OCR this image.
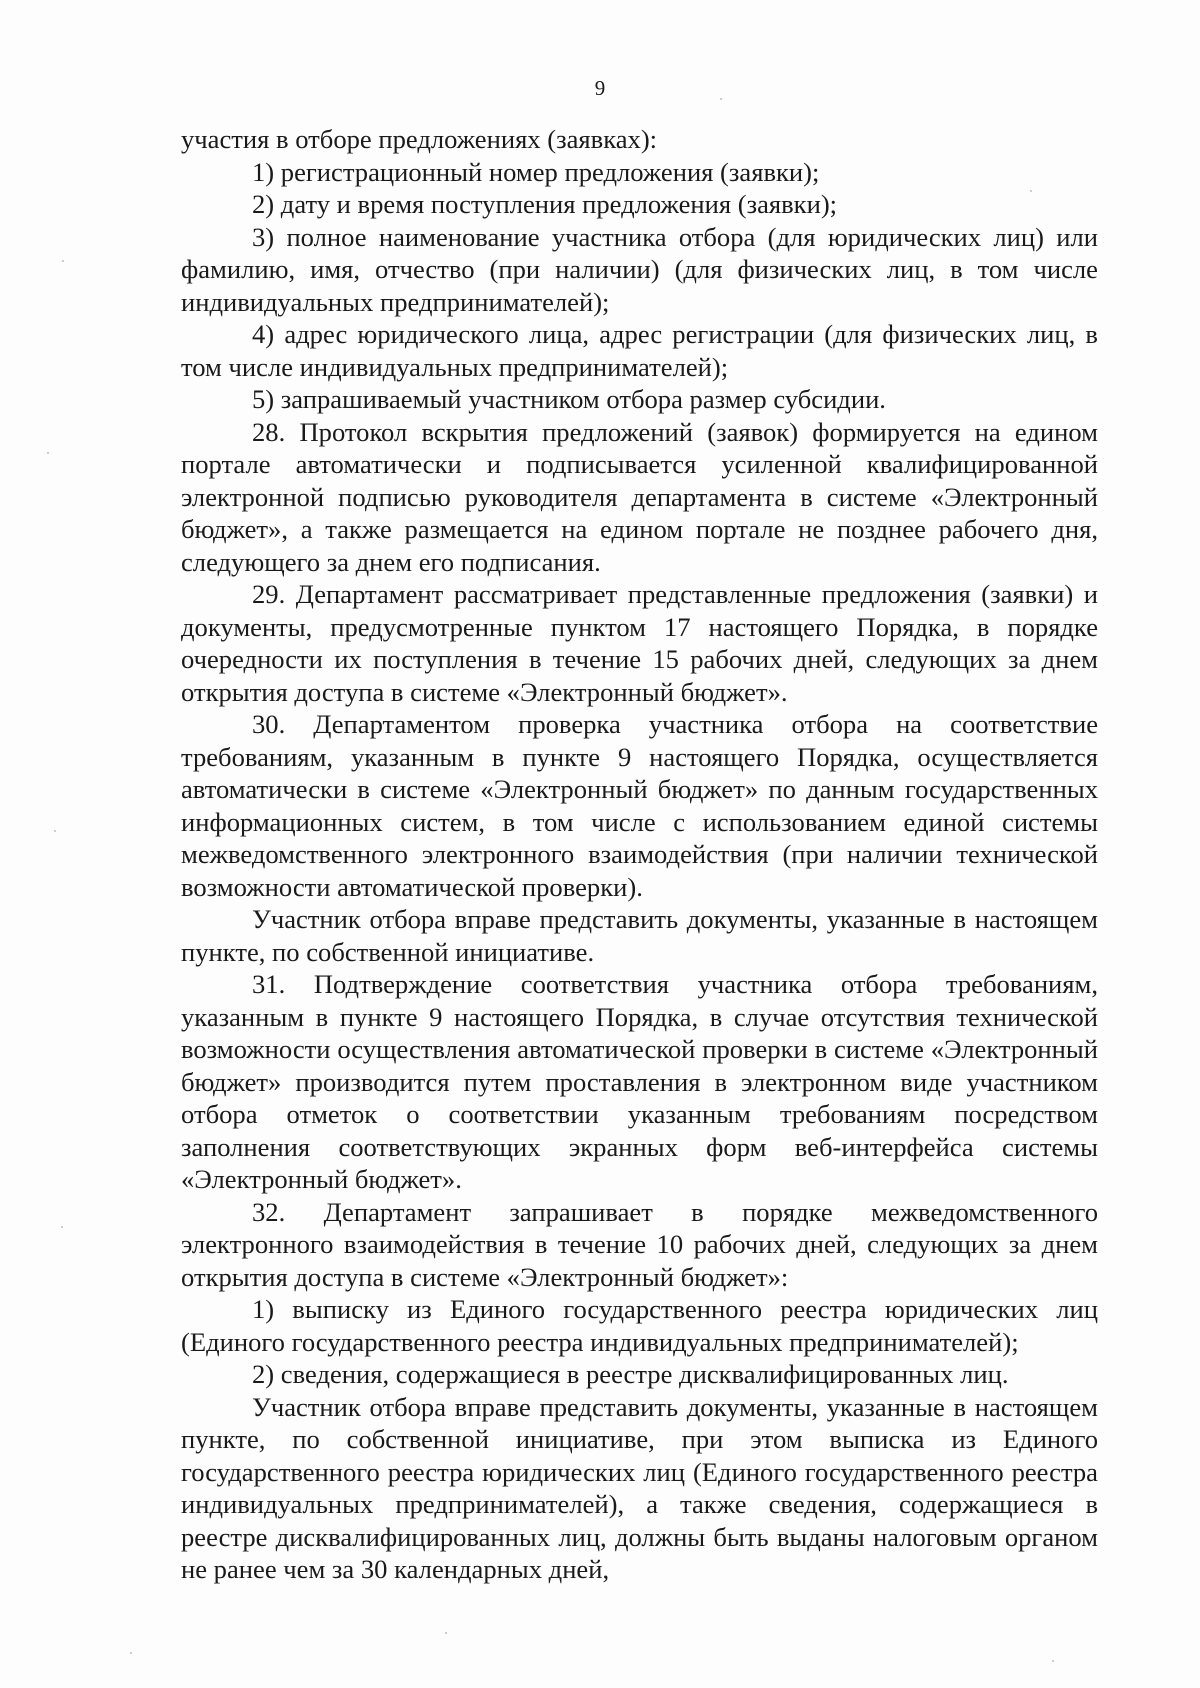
9

участия в отборе предложениях (заявках):

1) регистрационный номер предложения (заявки);

2) дату и время поступления предложения (заявки);

3) полное наименование участника отбора (для юридических лиц) или фамилию, имя, отчество (при наличии) (для физических лиц, в том числе индивидуальных предпринимателей);

4) адрес юридического лица, адрес регистрации (для физических лиц, в том числе индивидуальных предпринимателей);

5) запрашиваемый участником отбора размер субсидии.

28. Протокол вскрытия предложений (заявок) формируется на едином портале автоматически и подписывается усиленной квалифицированной электронной подписью руководителя департамента в системе «Электронный бюджет», а также размещается на едином портале не позднее рабочего дня, следующего за днем его подписания.

29. Департамент рассматривает представленные предложения (заявки) и документы, предусмотренные пунктом 17 настоящего Порядка, в порядке очередности их поступления в течение 15 рабочих дней, следующих за днем открытия доступа в системе «Электронный бюджет».

30. Департаментом проверка участника отбора на соответствие требованиям, указанным в пункте 9 настоящего Порядка, осуществляется автоматически в системе «Электронный бюджет» по данным государственных информационных систем, в том числе с использованием единой системы межведомственного электронного взаимодействия (при наличии технической возможности автоматической проверки).

Участник отбора вправе представить документы, указанные в настоящем пункте, по собственной инициативе.

31. Подтверждение соответствия участника отбора требованиям, указанным в пункте 9 настоящего Порядка, в случае отсутствия технической возможности осуществления автоматической проверки в системе «Электронный бюджет» производится путем проставления в электронном виде участником отбора отметок о соответствии указанным требованиям посредством заполнения соответствующих экранных форм веб-интерфейса системы «Электронный бюджет».

32. Департамент запрашивает в порядке межведомственного электронного взаимодействия в течение 10 рабочих дней, следующих за днем открытия доступа в системе «Электронный бюджет»:

1) выписку из Единого государственного реестра юридических лиц (Единого государственного реестра индивидуальных предпринимателей);

2) сведения, содержащиеся в реестре дисквалифицированных лиц.

Участник отбора вправе представить документы, указанные в настоящем пункте, по собственной инициативе, при этом выписка из Единого государственного реестра юридических лиц (Единого государственного реестра индивидуальных предпринимателей), а также сведения, содержащиеся в реестре дисквалифицированных лиц, должны быть выданы налоговым органом не ранее чем за 30 календарных дней,
